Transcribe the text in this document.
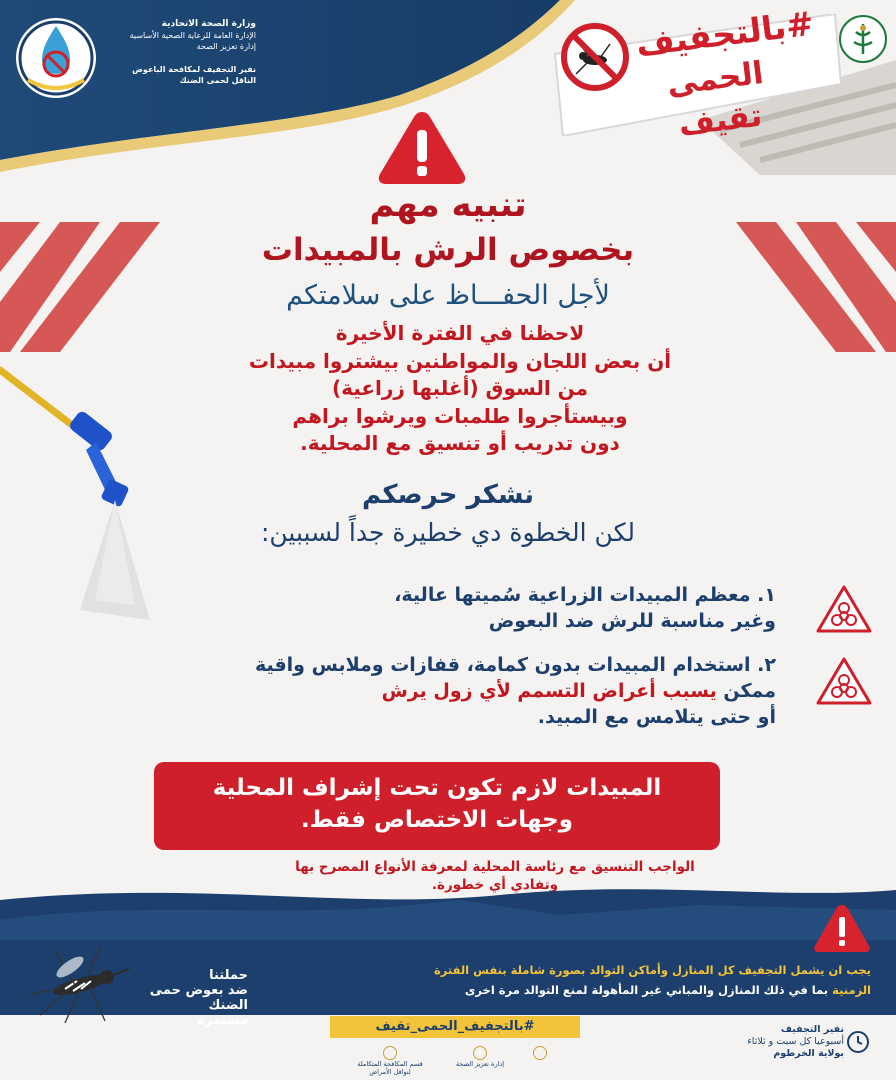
وزارة الصحة الاتحادية
الإدارة العامة للرعاية الصحية الأساسية
إدارة تعزيز الصحة
نفير التجفيف لمكافحة الباعوض
الناقل لحمى الضنك
#بالتجفيف
الحمى تقيف
تنبيه مهم
بخصوص الرش بالمبيدات
لأجل الحفـــاظ على سلامتكم
لاحظنا في الفترة الأخيرة
أن بعض اللجان والمواطنين بيشتروا مبيدات
من السوق (أغلبها زراعية)
وبيستأجروا طلمبات ويرشوا براهم
دون تدريب أو تنسيق مع المحلية.
نشكر حرصكم
لكن الخطوة دي خطيرة جداً لسببين:
١. معظم المبيدات الزراعية سُميتها عالية،
وغير مناسبة للرش ضد البعوض
٢. استخدام المبيدات بدون كمامة، قفازات وملابس واقية
ممكن يسبب أعراض التسمم لأي زول يرش
أو حتى يتلامس مع المبيد.
المبيدات لازم تكون تحت إشراف المحلية
وجهات الاختصاص فقط.
الواجب التنسيق مع رئاسة المحلية لمعرفة الأنواع المصرح بها
وتفادي أي خطورة.
يجب ان يشمل التجفيف كل المنازل وأماكن التوالد بصورة شاملة بنفس الفترة
الزمنية بما في ذلك المنازل والمباني غير المأهولة لمنع التوالد مرة اخرى
حملتنا
ضد بعوض حمى الضنك
مستمرة	#بالتجفيف_الحمى_تقيف	نفير التجفيف
أسبوعيا كل سبت و ثلاثاء
بولاية الخرطوم
قسم المكافحة المتكاملة لنواقل الأمراض
إدارة تعزيز الصحة
